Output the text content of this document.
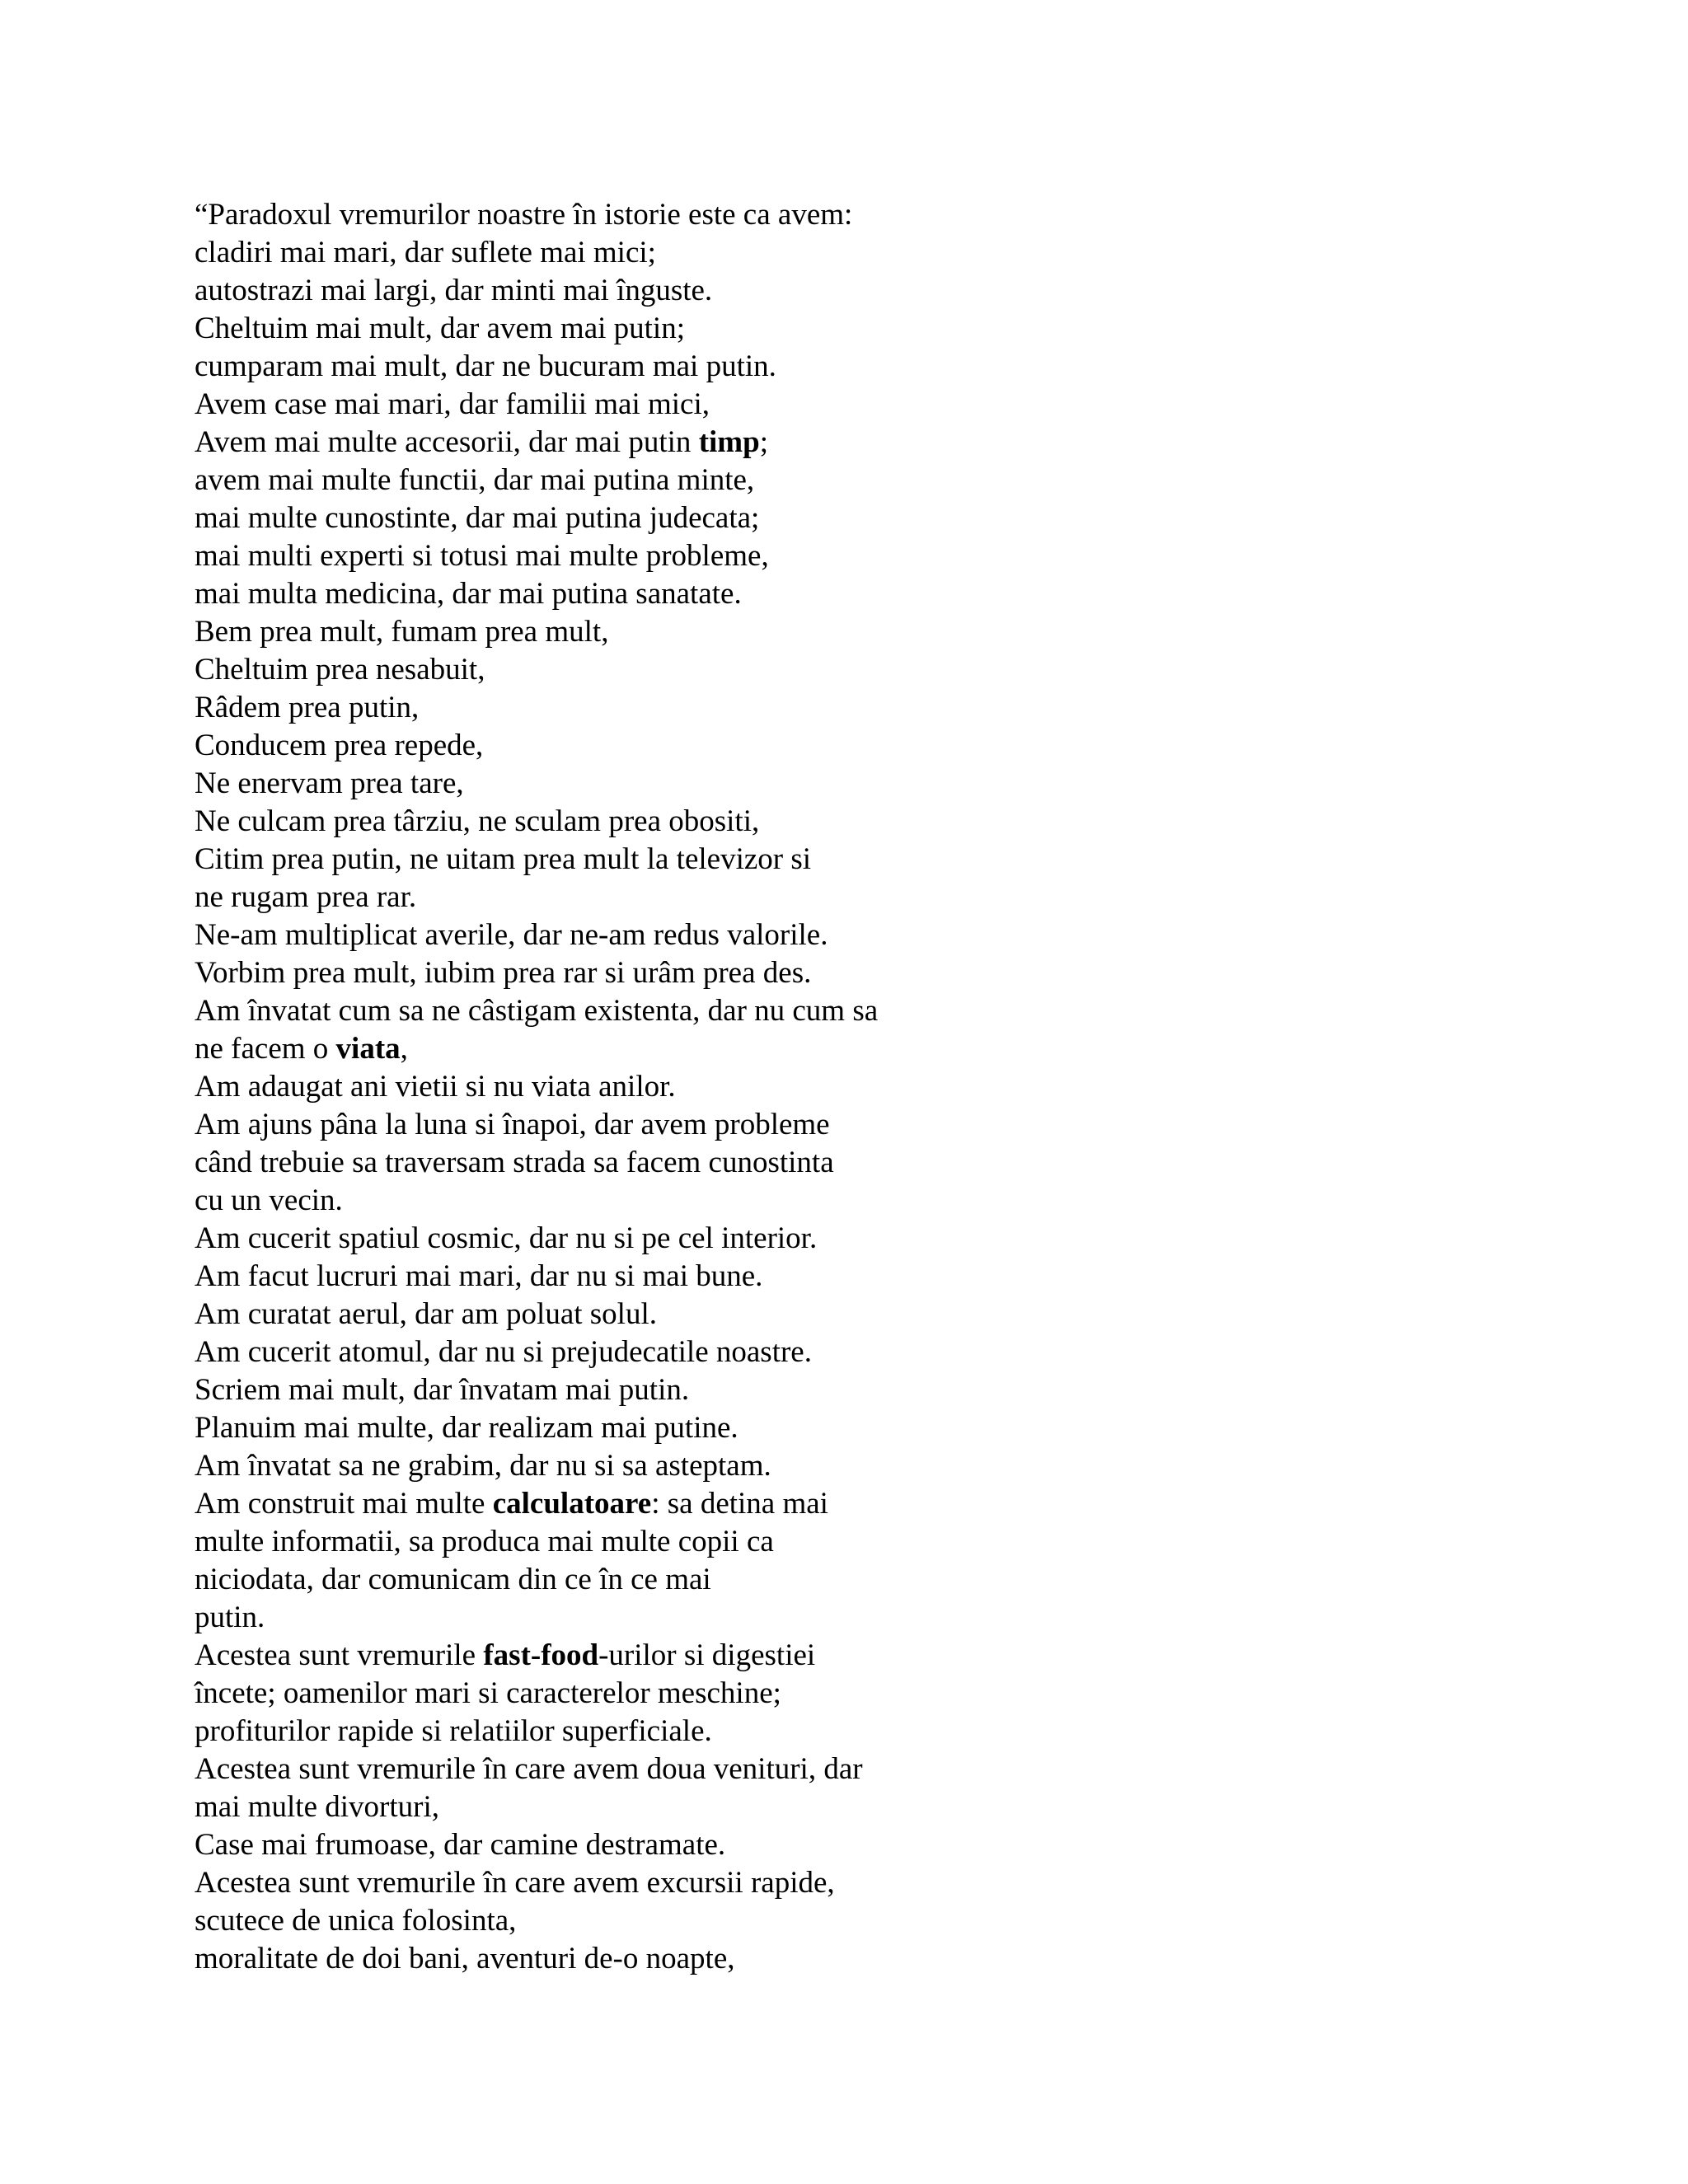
“Paradoxul vremurilor noastre în istorie este ca avem:
cladiri mai mari, dar suflete mai mici;
autostrazi mai largi, dar minti mai înguste.
Cheltuim mai mult, dar avem mai putin;
cumparam mai mult, dar ne bucuram mai putin.
Avem case mai mari, dar familii mai mici,
Avem mai multe accesorii, dar mai putin timp;
avem mai multe functii, dar mai putina minte,
mai multe cunostinte, dar mai putina judecata;
mai multi experti si totusi mai multe probleme,
mai multa medicina, dar mai putina sanatate.
Bem prea mult, fumam prea mult,
Cheltuim prea nesabuit,
Râdem prea putin,
Conducem prea repede,
Ne enervam prea tare,
Ne culcam prea târziu, ne sculam prea obositi,
Citim prea putin, ne uitam prea mult la televizor si
ne rugam prea rar.
Ne-am multiplicat averile, dar ne-am redus valorile.
Vorbim prea mult, iubim prea rar si urâm prea des.
Am învatat cum sa ne câstigam existenta, dar nu cum sa
ne facem o viata,
Am adaugat ani vietii si nu viata anilor.
Am ajuns pâna la luna si înapoi, dar avem probleme
când trebuie sa traversam strada sa facem cunostinta
cu un vecin.
Am cucerit spatiul cosmic, dar nu si pe cel interior.
Am facut lucruri mai mari, dar nu si mai bune.
Am curatat aerul, dar am poluat solul.
Am cucerit atomul, dar nu si prejudecatile noastre.
Scriem mai mult, dar învatam mai putin.
Planuim mai multe, dar realizam mai putine.
Am învatat sa ne grabim, dar nu si sa asteptam.
Am construit mai multe calculatoare: sa detina mai
multe informatii, sa produca mai multe copii ca
niciodata, dar comunicam din ce în ce mai
putin.
Acestea sunt vremurile fast-food-urilor si digestiei
încete; oamenilor mari si caracterelor meschine;
profiturilor rapide si relatiilor superficiale.
Acestea sunt vremurile în care avem doua venituri, dar
mai multe divorturi,
Case mai frumoase, dar camine destramate.
Acestea sunt vremurile în care avem excursii rapide,
scutece de unica folosinta,
moralitate de doi bani, aventuri de-o noapte,
